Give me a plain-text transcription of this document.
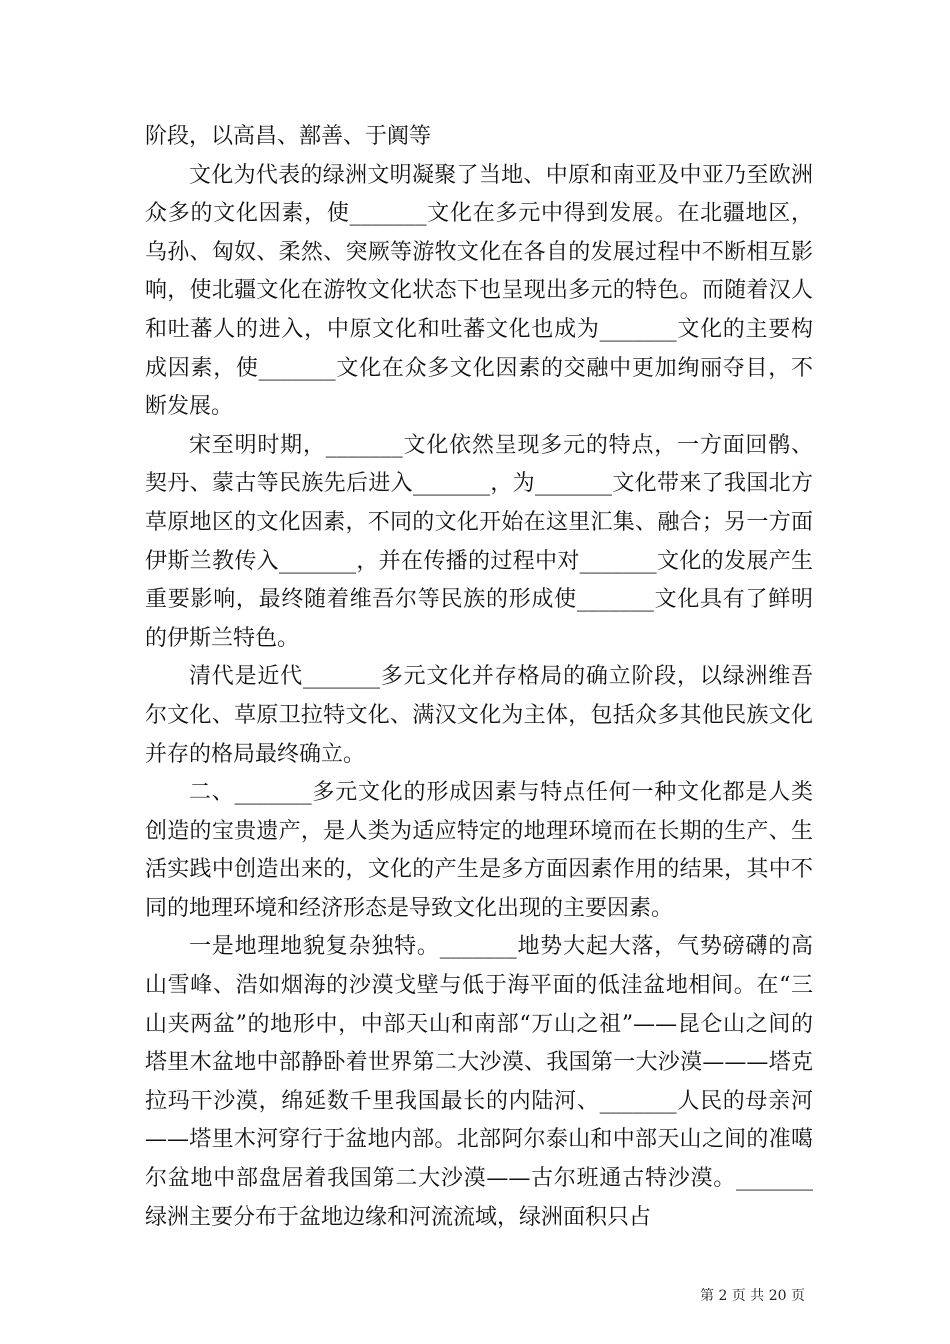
阶段，以高昌、鄯善、于阗等

文化为代表的绿洲文明凝聚了当地、中原和南亚及中亚乃至欧洲众多的文化因素，使_______文化在多元中得到发展。在北疆地区，乌孙、匈奴、柔然、突厥等游牧文化在各自的发展过程中不断相互影响，使北疆文化在游牧文化状态下也呈现出多元的特色。而随着汉人和吐蕃人的进入，中原文化和吐蕃文化也成为_______文化的主要构成因素，使_______文化在众多文化因素的交融中更加绚丽夺目，不断发展。

宋至明时期，_______文化依然呈现多元的特点，一方面回鹘、契丹、蒙古等民族先后进入_______，为_______文化带来了我国北方草原地区的文化因素，不同的文化开始在这里汇集、融合；另一方面伊斯兰教传入_______，并在传播的过程中对_______文化的发展产生重要影响，最终随着维吾尔等民族的形成使_______文化具有了鲜明的伊斯兰特色。

清代是近代_______多元文化并存格局的确立阶段，以绿洲维吾尔文化、草原卫拉特文化、满汉文化为主体，包括众多其他民族文化并存的格局最终确立。

二、_______多元文化的形成因素与特点任何一种文化都是人类创造的宝贵遗产，是人类为适应特定的地理环境而在长期的生产、生活实践中创造出来的，文化的产生是多方面因素作用的结果，其中不同的地理环境和经济形态是导致文化出现的主要因素。

一是地理地貌复杂独特。_______地势大起大落，气势磅礴的高山雪峰、浩如烟海的沙漠戈壁与低于海平面的低洼盆地相间。在“三山夹两盆”的地形中，中部天山和南部“万山之祖”——昆仑山之间的塔里木盆地中部静卧着世界第二大沙漠、我国第一大沙漠———塔克拉玛干沙漠，绵延数千里我国最长的内陆河、_______人民的母亲河——塔里木河穿行于盆地内部。北部阿尔泰山和中部天山之间的准噶尔盆地中部盘居着我国第二大沙漠——古尔班通古特沙漠。_______绿洲主要分布于盆地边缘和河流流域，绿洲面积只占

第 2 页 共 20 页
